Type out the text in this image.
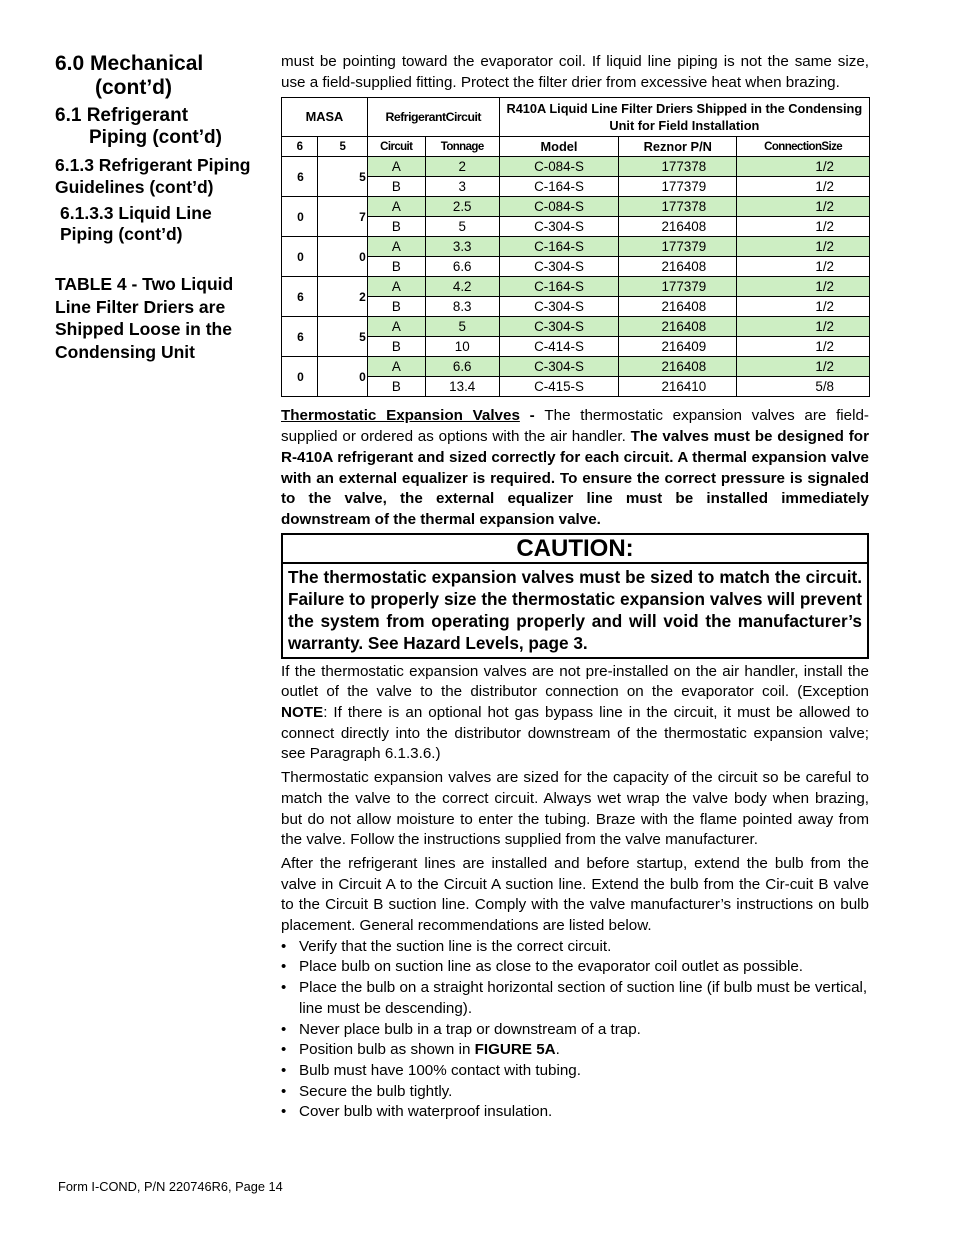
6.0 Mechanical
(cont’d)

6.1 Refrigerant
Piping (cont’d)

6.1.3 Refrigerant Piping Guidelines (cont’d)

6.1.3.3 Liquid Line Piping (cont’d)

TABLE 4 - Two Liquid Line Filter Driers are Shipped Loose in the Condensing Unit

must be pointing toward the evaporator coil. If liquid line piping is not the same size, use a field-supplied fitting. Protect the filter drier from excessive heat when brazing.

MASA		RefrigerantCircuit		R410A Liquid Line Filter Driers Shipped in the Condensing Unit for Field Installation		
6	5	Circuit	Tonnage	Model	Reznor P/N	ConnectionSize
6	5	A	2	C-084-S	177378	1/2
		B	3	C-164-S	177379	1/2
0	7	A	2.5	C-084-S	177378	1/2
		B	5	C-304-S	216408	1/2
0	0	A	3.3	C-164-S	177379	1/2
		B	6.6	C-304-S	216408	1/2
6	2	A	4.2	C-164-S	177379	1/2
		B	8.3	C-304-S	216408	1/2
6	5	A	5	C-304-S	216408	1/2
		B	10	C-414-S	216409	1/2
0	0	A	6.6	C-304-S	216408	1/2
		B	13.4	C-415-S	216410	5/8

Thermostatic Expansion Valves - The thermostatic expansion valves are field-supplied or ordered as options with the air handler. The valves must be designed for R-410A refrigerant and sized correctly for each circuit. A thermal expansion valve with an external equalizer is required. To ensure the correct pressure is signaled to the valve, the external equalizer line must be installed immediately downstream of the thermal expansion valve.

CAUTION:
The thermostatic expansion valves must be sized to match the circuit. Failure to properly size the thermostatic expansion valves will prevent the system from operating properly and will void the manufacturer’s warranty. See Hazard Levels, page 3.

If the thermostatic expansion valves are not pre-installed on the air handler, install the outlet of the valve to the distributor connection on the evaporator coil. (Exception NOTE: If there is an optional hot gas bypass line in the circuit, it must be allowed to connect directly into the distributor downstream of the thermostatic expansion valve; see Paragraph 6.1.3.6.)

Thermostatic expansion valves are sized for the capacity of the circuit so be careful to match the valve to the correct circuit. Always wet wrap the valve body when brazing, but do not allow moisture to enter the tubing. Braze with the flame pointed away from the valve. Follow the instructions supplied from the valve manufacturer.

After the refrigerant lines are installed and before startup, extend the bulb from the valve in Circuit A to the Circuit A suction line. Extend the bulb from the Cir-cuit B valve to the Circuit B suction line. Comply with the valve manufacturer’s instructions on bulb placement. General recommendations are listed below.

• Verify that the suction line is the correct circuit.
• Place bulb on suction line as close to the evaporator coil outlet as possible.
• Place the bulb on a straight horizontal section of suction line (if bulb must be vertical, line must be descending).
• Never place bulb in a trap or downstream of a trap.
• Position bulb as shown in FIGURE 5A.
• Bulb must have 100% contact with tubing.
• Secure the bulb tightly.
• Cover bulb with waterproof insulation.
Form I-COND, P/N 220746R6, Page 14
